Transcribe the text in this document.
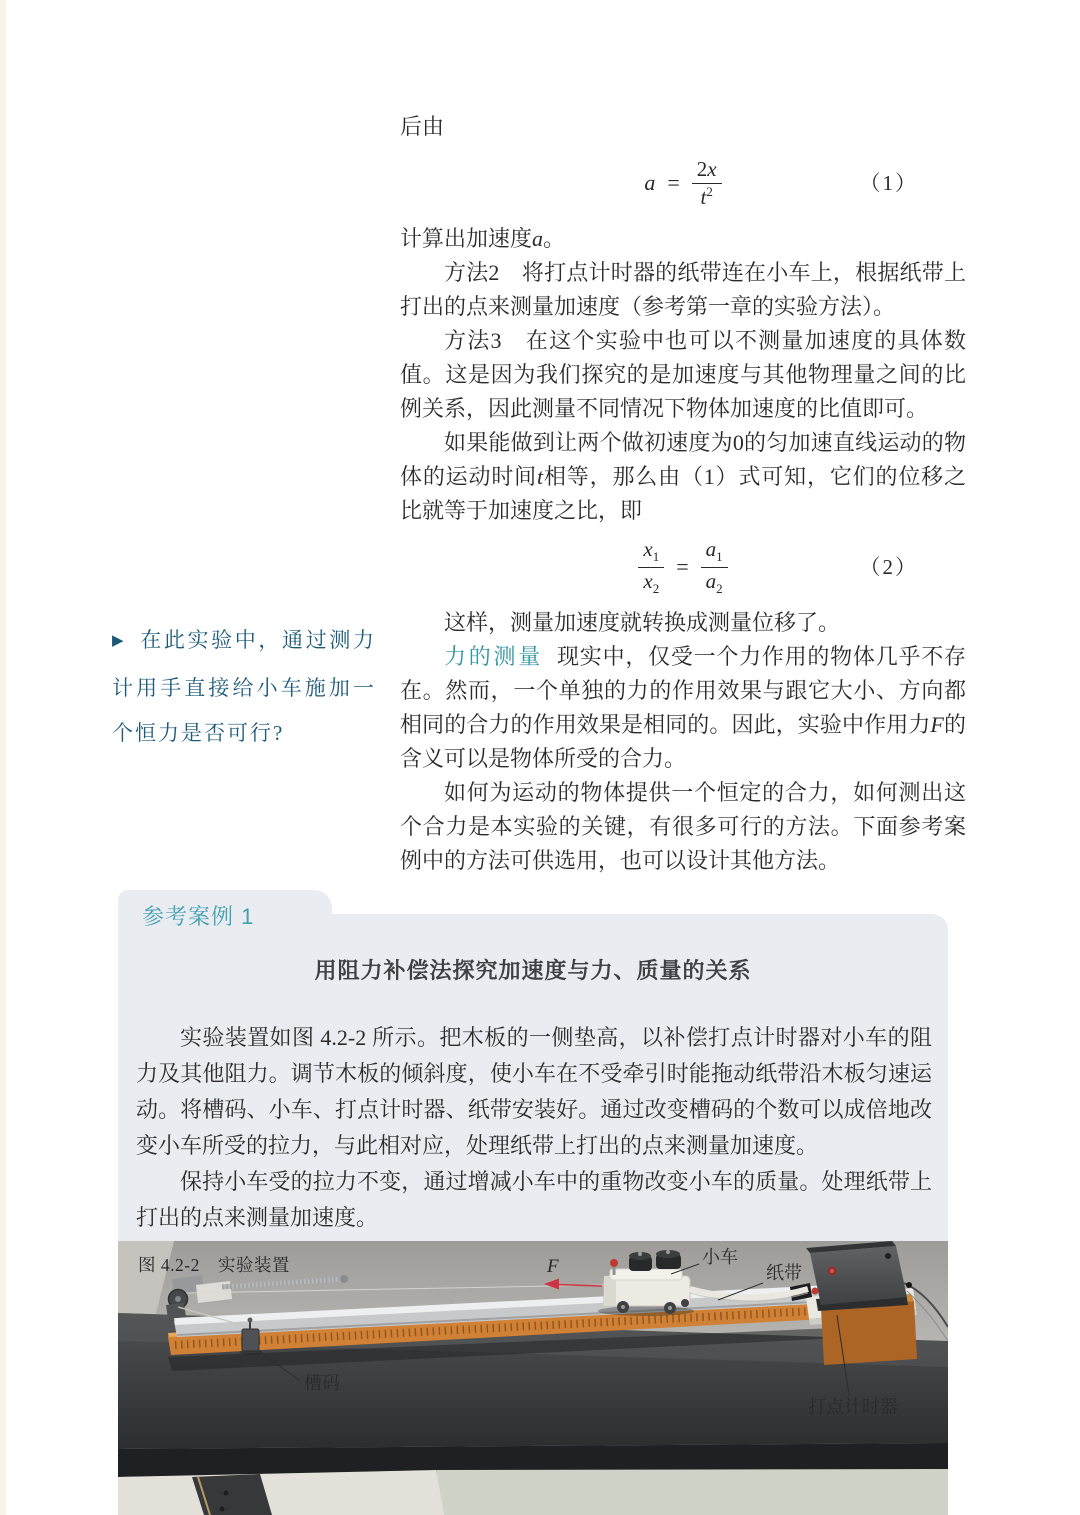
后由

$a = \frac{2x}{t^2}$	（1）

计算出加速度a。

方法2　将打点计时器的纸带连在小车上，根据纸带上打出的点来测量加速度（参考第一章的实验方法）。

方法3　在这个实验中也可以不测量加速度的具体数值。这是因为我们探究的是加速度与其他物理量之间的比例关系，因此测量不同情况下物体加速度的比值即可。

如果能做到让两个做初速度为0的匀加速直线运动的物体的运动时间t相等，那么由（1）式可知，它们的位移之比就等于加速度之比，即

$\frac{x_1}{x_2} = \frac{a_1}{a_2}$	（2）

这样，测量加速度就转换成测量位移了。

力的测量 现实中，仅受一个力作用的物体几乎不存在。然而，一个单独的力的作用效果与跟它大小、方向都相同的合力的作用效果是相同的。因此，实验中作用力F的含义可以是物体所受的合力。

如何为运动的物体提供一个恒定的合力，如何测出这个合力是本实验的关键，有很多可行的方法。下面参考案例中的方法可供选用，也可以设计其他方法。

▶ 在此实验中，通过测力计用手直接给小车施加一个恒力是否可行?
参考案例 1
用阻力补偿法探究加速度与力、质量的关系

实验装置如图 4.2-2 所示。把木板的一侧垫高，以补偿打点计时器对小车的阻力及其他阻力。调节木板的倾斜度，使小车在不受牵引时能拖动纸带沿木板匀速运动。将槽码、小车、打点计时器、纸带安装好。通过改变槽码的个数可以成倍地改变小车所受的拉力，与此相对应，处理纸带上打出的点来测量加速度。

保持小车受的拉力不变，通过增减小车中的重物改变小车的质量。处理纸带上打出的点来测量加速度。

图 4.2-2　实验装置	F	小车
纸带
打点计时器
槽码
